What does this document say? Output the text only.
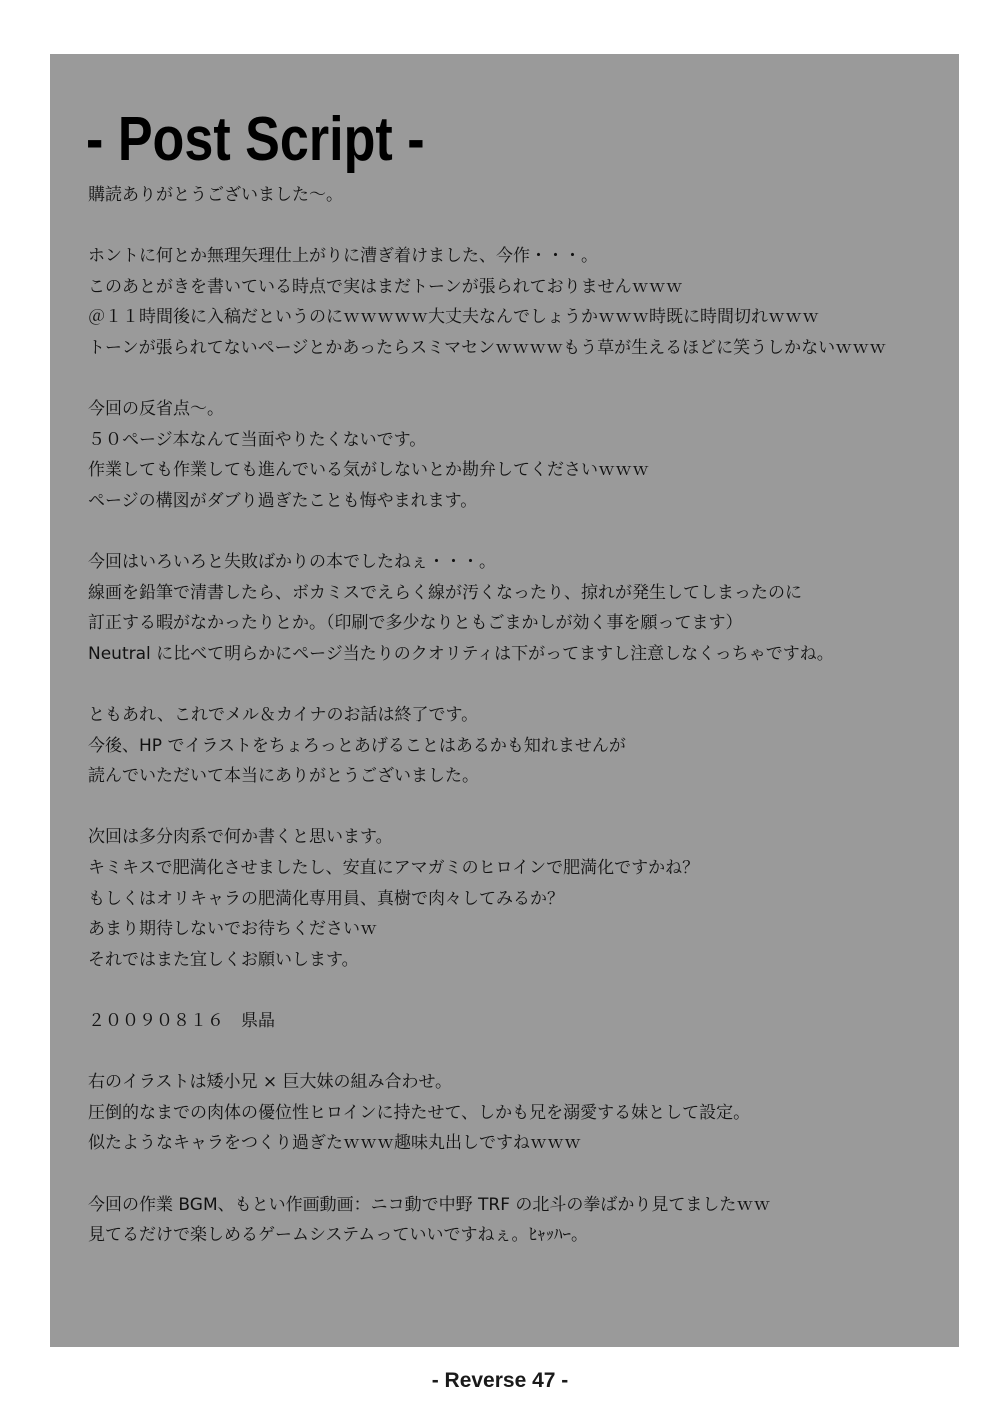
- Post Script -
購読ありがとうございました～。
ホントに何とか無理矢理仕上がりに漕ぎ着けました、今作・・・。
このあとがきを書いている時点で実はまだトーンが張られておりませんｗｗｗ
＠１１時間後に入稿だというのにｗｗｗｗｗ大丈夫なんでしょうかｗｗｗ時既に時間切れｗｗｗ
トーンが張られてないページとかあったらスミマセンｗｗｗｗもう草が生えるほどに笑うしかないｗｗｗ
今回の反省点～。
５０ページ本なんて当面やりたくないです。
作業しても作業しても進んでいる気がしないとか勘弁してくださいｗｗｗ
ページの構図がダブり過ぎたことも悔やまれます。
今回はいろいろと失敗ばかりの本でしたねぇ・・・。
線画を鉛筆で清書したら、ボカミスでえらく線が汚くなったり、掠れが発生してしまったのに
訂正する暇がなかったりとか。（印刷で多少なりともごまかしが効く事を願ってます）
Neutral に比べて明らかにページ当たりのクオリティは下がってますし注意しなくっちゃですね。
ともあれ、これでメル＆カイナのお話は終了です。
今後、HP でイラストをちょろっとあげることはあるかも知れませんが
読んでいただいて本当にありがとうございました。
次回は多分肉系で何か書くと思います。
キミキスで肥満化させましたし、安直にアマガミのヒロインで肥満化ですかね？
もしくはオリキャラの肥満化専用員、真樹で肉々してみるか？
あまり期待しないでお待ちくださいｗ
それではまた宜しくお願いします。
２００９０８１６　県晶
右のイラストは矮小兄 × 巨大妹の組み合わせ。
圧倒的なまでの肉体の優位性ヒロインに持たせて、しかも兄を溺愛する妹として設定。
似たようなキャラをつくり過ぎたｗｗｗ趣味丸出しですねｗｗｗ
今回の作業 BGM、もとい作画動画：ニコ動で中野 TRF の北斗の拳ばかり見てましたｗｗ
見てるだけで楽しめるゲームシステムっていいですねぇ。ﾋｬｯﾊｰ。
- Reverse 47 -
